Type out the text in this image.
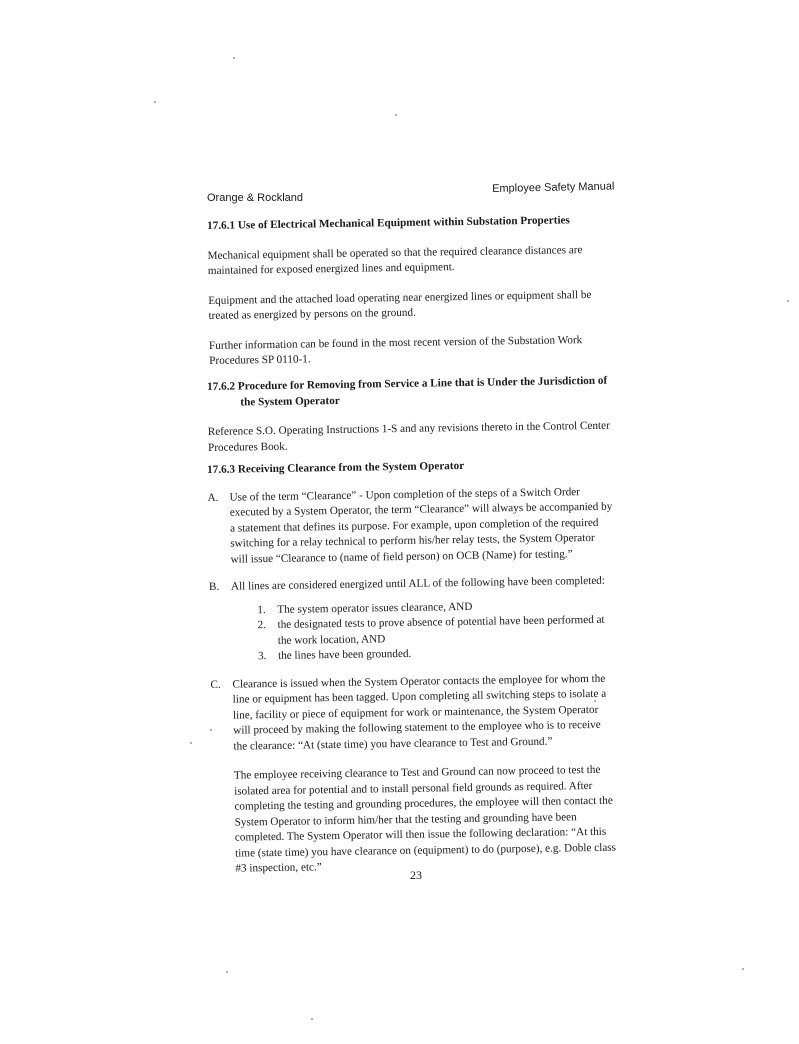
Orange & Rockland
Employee Safety Manual
17.6.1 Use of Electrical Mechanical Equipment within Substation Properties
Mechanical equipment shall be operated so that the required clearance distances are maintained for exposed energized lines and equipment.
Equipment and the attached load operating near energized lines or equipment shall be treated as energized by persons on the ground.
Further information can be found in the most recent version of the Substation Work Procedures SP 0110-1.
17.6.2 Procedure for Removing from Service a Line that is Under the Jurisdiction of
the System Operator
Reference S.O. Operating Instructions 1-S and any revisions thereto in the Control Center Procedures Book.
17.6.3 Receiving Clearance from the System Operator
A. Use of the term “Clearance” - Upon completion of the steps of a Switch Order executed by a System Operator, the term “Clearance” will always be accompanied by a statement that defines its purpose. For example, upon completion of the required switching for a relay technical to perform his/her relay tests, the System Operator will issue “Clearance to (name of field person) on OCB (Name) for testing.”
B. All lines are considered energized until ALL of the following have been completed:
1. The system operator issues clearance, AND
2. the designated tests to prove absence of potential have been performed at the work location, AND
3. the lines have been grounded.
C. Clearance is issued when the System Operator contacts the employee for whom the line or equipment has been tagged. Upon completing all switching steps to isolate a line, facility or piece of equipment for work or maintenance, the System Operator will proceed by making the following statement to the employee who is to receive the clearance: “At (state time) you have clearance to Test and Ground.”
The employee receiving clearance to Test and Ground can now proceed to test the isolated area for potential and to install personal field grounds as required. After completing the testing and grounding procedures, the employee will then contact the System Operator to inform him/her that the testing and grounding have been completed. The System Operator will then issue the following declaration: “At this time (state time) you have clearance on (equipment) to do (purpose), e.g. Doble class #3 inspection, etc.”
23
